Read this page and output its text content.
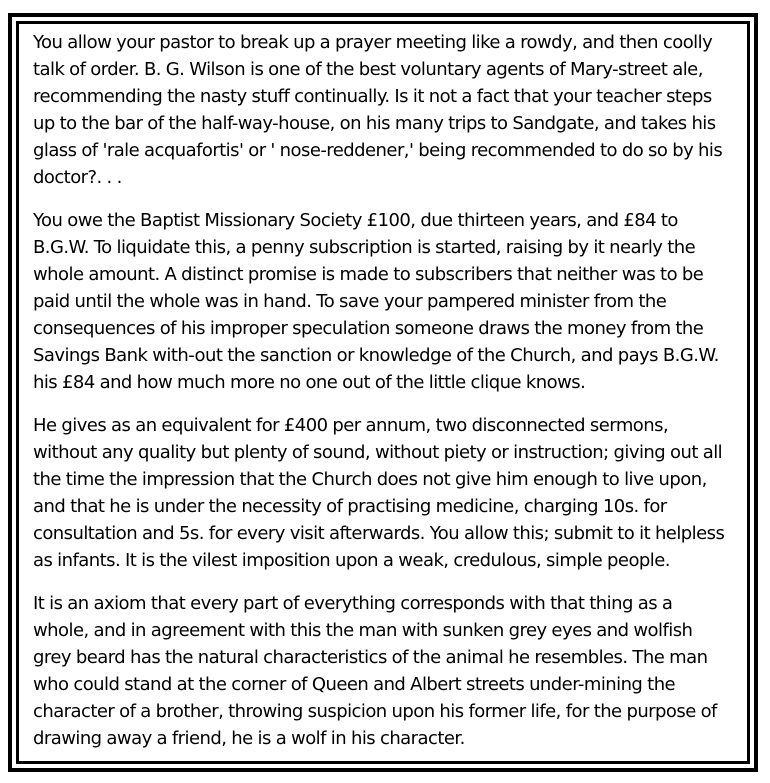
You allow your pastor to break up a prayer meeting like a rowdy, and then coolly talk of order. B. G. Wilson is one of the best voluntary agents of Mary-street ale, recommending the nasty stuff continually. Is it not a fact that your teacher steps up to the bar of the half-way-house, on his many trips to Sandgate, and takes his glass of 'rale acquafortis' or ' nose-reddener,' being recommended to do so by his doctor?. . .

You owe the Baptist Missionary Society £100, due thirteen years, and £84 to B.G.W. To liquidate this, a penny subscription is started, raising by it nearly the whole amount. A distinct promise is made to subscribers that neither was to be paid until the whole was in hand. To save your pampered minister from the consequences of his improper speculation someone draws the money from the Savings Bank with-out the sanction or knowledge of the Church, and pays B.G.W. his £84 and how much more no one out of the little clique knows.

He gives as an equivalent for £400 per annum, two disconnected sermons, without any quality but plenty of sound, without piety or instruction; giving out all the time the impression that the Church does not give him enough to live upon, and that he is under the necessity of practising medicine, charging 10s. for consultation and 5s. for every visit afterwards. You allow this; submit to it helpless as infants. It is the vilest imposition upon a weak, credulous, simple people.

It is an axiom that every part of everything corresponds with that thing as a whole, and in agreement with this the man with sunken grey eyes and wolfish grey beard has the natural characteristics of the animal he resembles. The man who could stand at the corner of Queen and Albert streets under-mining the character of a brother, throwing suspicion upon his former life, for the purpose of drawing away a friend, he is a wolf in his character.
